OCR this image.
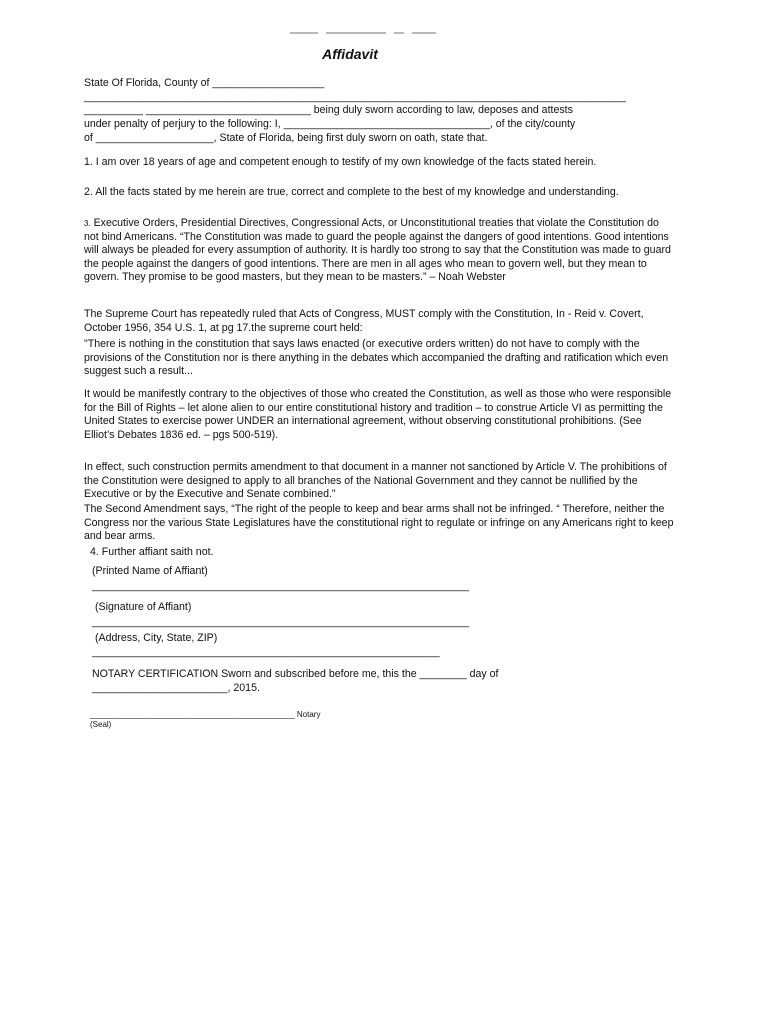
Affidavit
State Of Florida, County of ___________________
____________________________________________________________________________________________
__________ ____________________________ being duly sworn according to law, deposes and attests
under penalty of perjury to the following: I, ___________________________________, of the city/county
of ____________________, State of Florida, being first duly sworn on oath, state that.

1. I am over 18 years of age and competent enough to testify of my own knowledge of the facts stated herein.

2. All the facts stated by me herein are true, correct and complete to the best of my knowledge and understanding.

3. Executive Orders, Presidential Directives, Congressional Acts, or Unconstitutional treaties that violate the Constitution do not bind Americans. “The Constitution was made to guard the people against the dangers of good intentions. Good intentions will always be pleaded for every assumption of authority. It is hardly too strong to say that the Constitution was made to guard the people against the dangers of good intentions. There are men in all ages who mean to govern well, but they mean to govern. They promise to be good masters, but they mean to be masters.” – Noah Webster

The Supreme Court has repeatedly ruled that Acts of Congress, MUST comply with the Constitution, In - Reid v. Covert, October 1956, 354 U.S. 1, at pg 17.the supreme court held:

"There is nothing in the constitution that says laws enacted (or executive orders written) do not have to comply with the provisions of the Constitution nor is there anything in the debates which accompanied the drafting and ratification which even suggest such a result...

It would be manifestly contrary to the objectives of those who created the Constitution, as well as those who were responsible for the Bill of Rights – let alone alien to our entire constitutional history and tradition – to construe Article VI as permitting the United States to exercise power UNDER an international agreement, without observing constitutional prohibitions. (See Elliot’s Debates 1836 ed. – pgs 500-519).

In effect, such construction permits amendment to that document in a manner not sanctioned by Article V. The prohibitions of the Constitution were designed to apply to all branches of the National Government and they cannot be nullified by the Executive or by the Executive and Senate combined."

The Second Amendment says, “The right of the people to keep and bear arms shall not be infringed. “ Therefore, neither the Congress nor the various State Legislatures have the constitutional right to regulate or infringe on any Americans right to keep and bear arms.

4. Further affiant saith not.
(Printed Name of Affiant)
________________________________________________________________
(Signature of Affiant)
________________________________________________________________
(Address, City, State, ZIP)
___________________________________________________________
NOTARY CERTIFICATION Sworn and subscribed before me, this the ________ day of
_______________________, 2015.
______________________________________________ Notary
(Seal)
